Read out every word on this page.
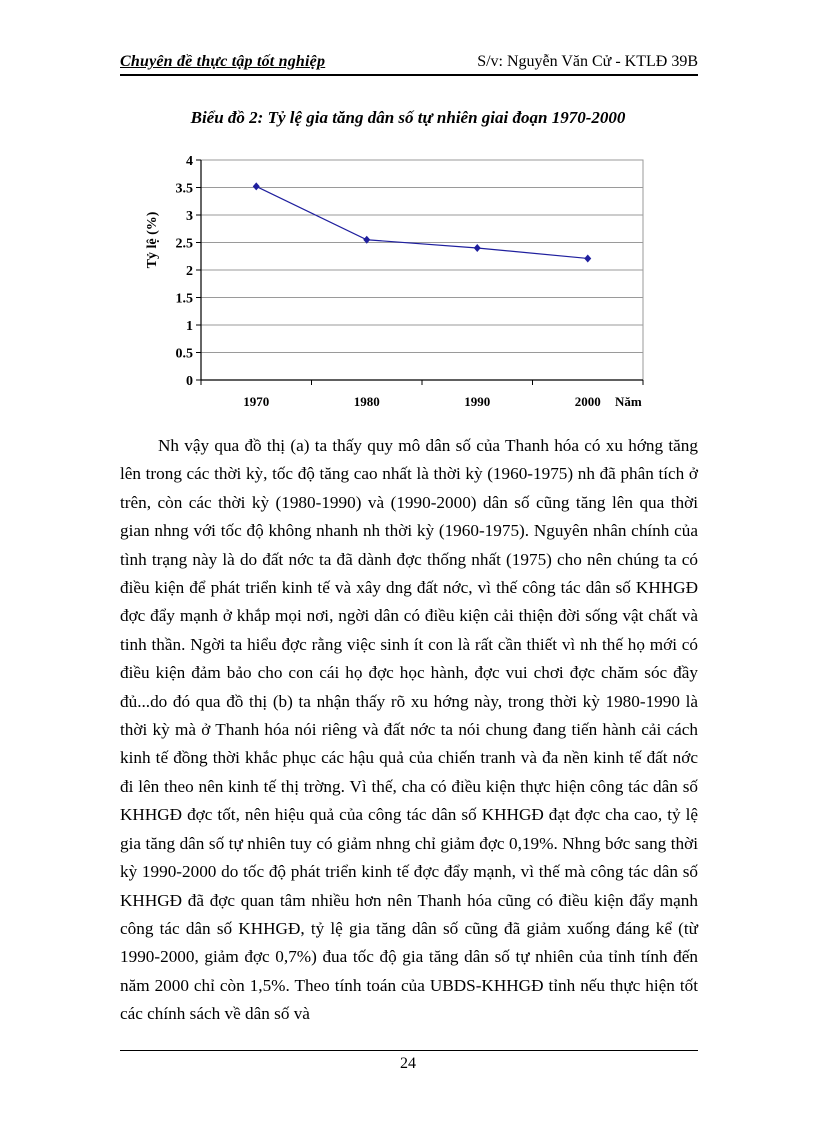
Chuyên đề thực tập tốt nghiệp	S/v: Nguyễn Văn Cử - KTLĐ 39B
Biểu đồ 2: Tỷ lệ gia tăng dân số tự nhiên giai đoạn 1970-2000
0
0.5
1
1.5
2
2.5
3
3.5
4
1970	1980	1990	2000
Tỷ lệ (%)
Năm

Nh vậy qua đồ thị (a) ta thấy quy mô dân số của Thanh hóa có xu hớng tăng lên trong các thời kỳ, tốc độ tăng cao nhất là thời kỳ (1960-1975) nh đã phân tích ở trên, còn các thời kỳ (1980-1990) và (1990-2000) dân số cũng tăng lên qua thời gian nhng với tốc độ không nhanh nh thời kỳ (1960-1975). Nguyên nhân chính của tình trạng này là do đất nớc ta đã dành đợc thống nhất (1975) cho nên chúng ta có điều kiện để phát triển kinh tế và xây dng đất nớc, vì thế công tác dân số KHHGĐ đợc đẩy mạnh ở khắp mọi nơi, ngời dân có điều kiện cải thiện đời sống vật chất và tinh thần. Ngời ta hiểu đợc rằng việc sinh ít con là rất cần thiết vì nh thế họ mới có điều kiện đảm bảo cho con cái họ đợc học hành, đợc vui chơi đợc chăm sóc đầy đủ...do đó qua đồ thị (b) ta nhận thấy rõ xu hớng này, trong thời kỳ 1980-1990 là thời kỳ mà ở Thanh hóa nói riêng và đất nớc ta nói chung đang tiến hành cải cách kinh tế đồng thời khắc phục các hậu quả của chiến tranh và đa nền kinh tế đất nớc đi lên theo nên kinh tế thị trờng. Vì thế, cha có điều kiện thực hiện công tác dân số KHHGĐ đợc tốt, nên hiệu quả của công tác dân số KHHGĐ đạt đợc cha cao, tỷ lệ gia tăng dân số tự nhiên tuy có giảm nhng chỉ giảm đợc 0,19%. Nhng bớc sang thời kỳ 1990-2000 do tốc độ phát triển kinh tế đợc đẩy mạnh, vì thế mà công tác dân số KHHGĐ đã đợc quan tâm nhiều hơn nên Thanh hóa cũng có điều kiện đẩy mạnh công tác dân số KHHGĐ, tỷ lệ gia tăng dân số cũng đã giảm xuống đáng kể (từ 1990-2000, giảm đợc 0,7%) đua tốc độ gia tăng dân số tự nhiên của tỉnh tính đến năm 2000 chỉ còn 1,5%. Theo tính toán của UBDS-KHHGĐ tỉnh nếu thực hiện tốt các chính sách về dân số và

24
